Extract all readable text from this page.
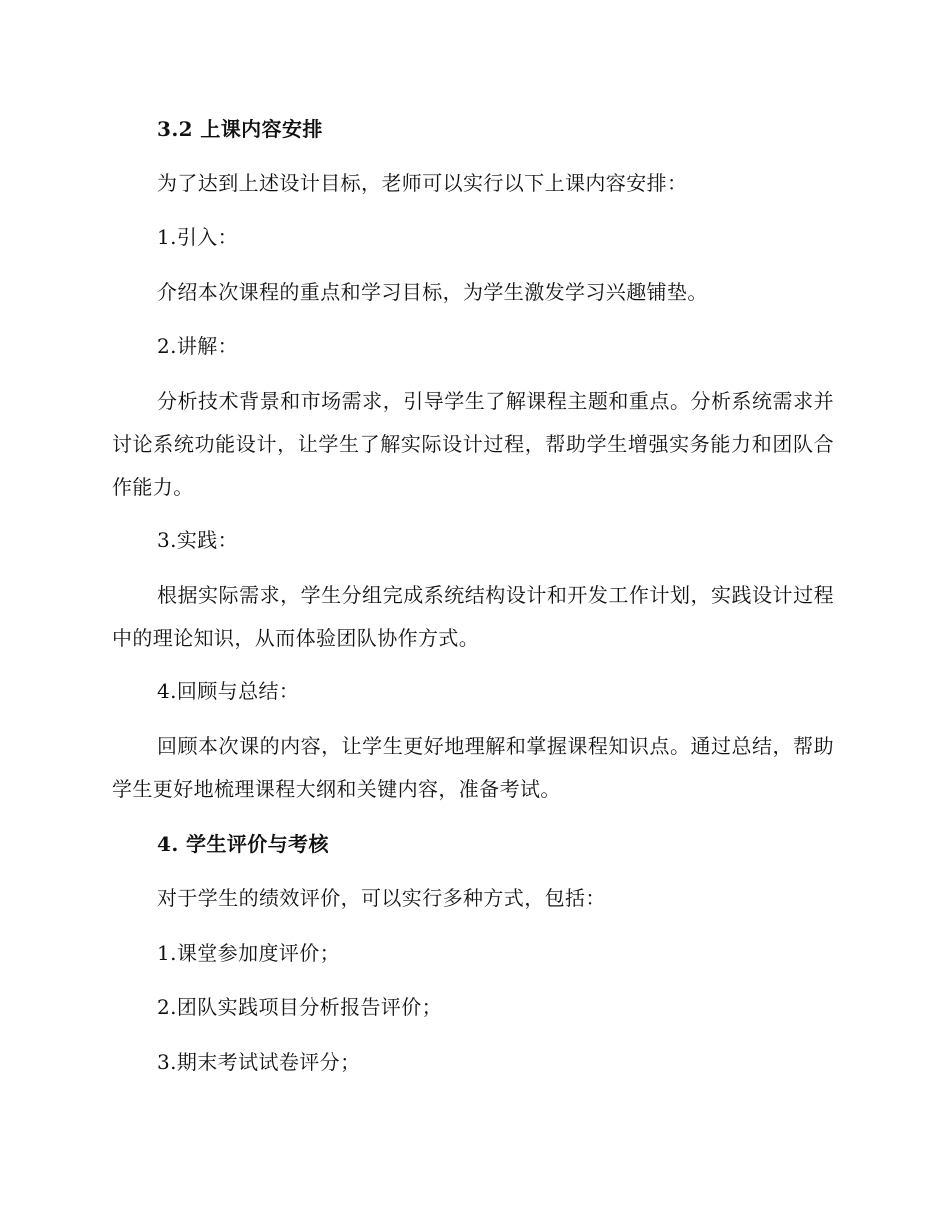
3.2 上课内容安排
为了达到上述设计目标，老师可以实行以下上课内容安排：
1.引入：
介绍本次课程的重点和学习目标，为学生激发学习兴趣铺垫。
2.讲解：
分析技术背景和市场需求，引导学生了解课程主题和重点。分析系统需求并讨论系统功能设计，让学生了解实际设计过程，帮助学生增强实务能力和团队合作能力。
3.实践：
根据实际需求，学生分组完成系统结构设计和开发工作计划，实践设计过程中的理论知识，从而体验团队协作方式。
4.回顾与总结：
回顾本次课的内容，让学生更好地理解和掌握课程知识点。通过总结，帮助学生更好地梳理课程大纲和关键内容，准备考试。
4. 学生评价与考核
对于学生的绩效评价，可以实行多种方式，包括：
1.课堂参加度评价；
2.团队实践项目分析报告评价；
3.期末考试试卷评分；
